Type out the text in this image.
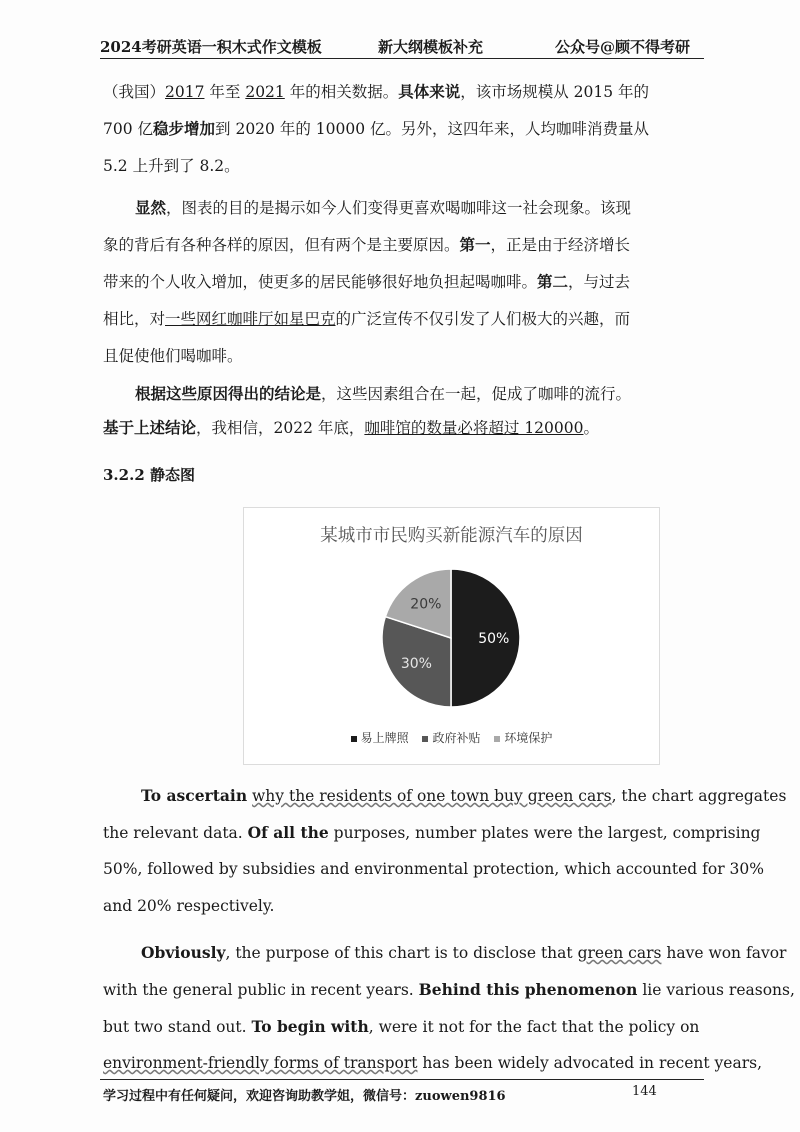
2024考研英语一积木式作文模板	新大纲模板补充	公众号@顾不得考研
（我国）2017 年至 2021 年的相关数据。具体来说，该市场规模从 2015 年的
700 亿稳步增加到 2020 年的 10000 亿。另外，这四年来，人均咖啡消费量从
5.2 上升到了 8.2。
显然，图表的目的是揭示如今人们变得更喜欢喝咖啡这一社会现象。该现
象的背后有各种各样的原因，但有两个是主要原因。第一，正是由于经济增长
带来的个人收入增加，使更多的居民能够很好地负担起喝咖啡。第二，与过去
相比，对一些网红咖啡厅如星巴克的广泛宣传不仅引发了人们极大的兴趣，而
且促使他们喝咖啡。
根据这些原因得出的结论是，这些因素组合在一起，促成了咖啡的流行。
基于上述结论，我相信，2022 年底，咖啡馆的数量必将超过 120000。
3.2.2 静态图
某城市市民购买新能源汽车的原因
50%
30%
20%
易上牌照 政府补贴 环境保护
To ascertain why the residents of one town buy green cars, the chart aggregates
the relevant data. Of all the purposes, number plates were the largest, comprising
50%, followed by subsidies and environmental protection, which accounted for 30%
and 20% respectively.
Obviously, the purpose of this chart is to disclose that green cars have won favor
with the general public in recent years. Behind this phenomenon lie various reasons,
but two stand out. To begin with, were it not for the fact that the policy on
environment-friendly forms of transport has been widely advocated in recent years,
学习过程中有任何疑问，欢迎咨询助教学姐，微信号：zuowen9816	144
